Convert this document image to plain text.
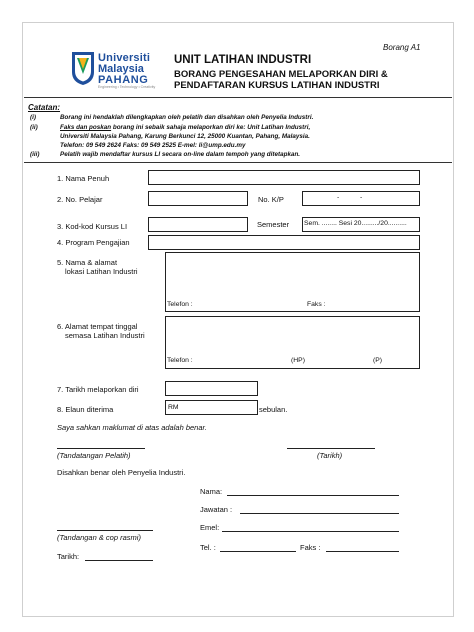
Borang A1
Universiti
Malaysia
PAHANG
Engineering • Technology • Creativity
UNIT LATIHAN INDUSTRI
BORANG PENGESAHAN MELAPORKAN DIRI &
PENDAFTARAN KURSUS LATIHAN INDUSTRI
Catatan:
(i)	Borang ini hendaklah dilengkapkan oleh pelatih dan disahkan oleh Penyelia Industri.
(ii)	Faks dan poskan borang ini sebaik sahaja melaporkan diri ke: Unit Latihan Industri,
Universiti Malaysia Pahang, Karung Berkunci 12, 25000 Kuantan, Pahang, Malaysia.
Telefon: 09 549 2624 Faks: 09 549 2525 E-mel: li@ump.edu.my
(iii)	Pelatih wajib mendaftar kursus LI secara on-line dalam tempoh yang ditetapkan.
1. Nama Penuh
2. No. Pelajar	No. K/P	-	-
3. Kod-kod Kursus LI	Semester Sem. ........ Sesi 20........./20..........
4. Program Pengajian
5. Nama & alamat
lokasi Latihan Industri
Telefon :	Faks :
6. Alamat tempat tinggal
semasa Latihan Industri
Telefon :	(HP)	(P)
7. Tarikh melaporkan diri
8. Elaun diterima	RM	sebulan.
Saya sahkan maklumat di atas adalah benar.
(Tandatangan Pelatih)	(Tarikh)
Disahkan benar oleh Penyelia Industri.
Nama:
Jawatan :
Emel:
(Tandangan & cop rasmi)
Tel. :	Faks :
Tarikh:
